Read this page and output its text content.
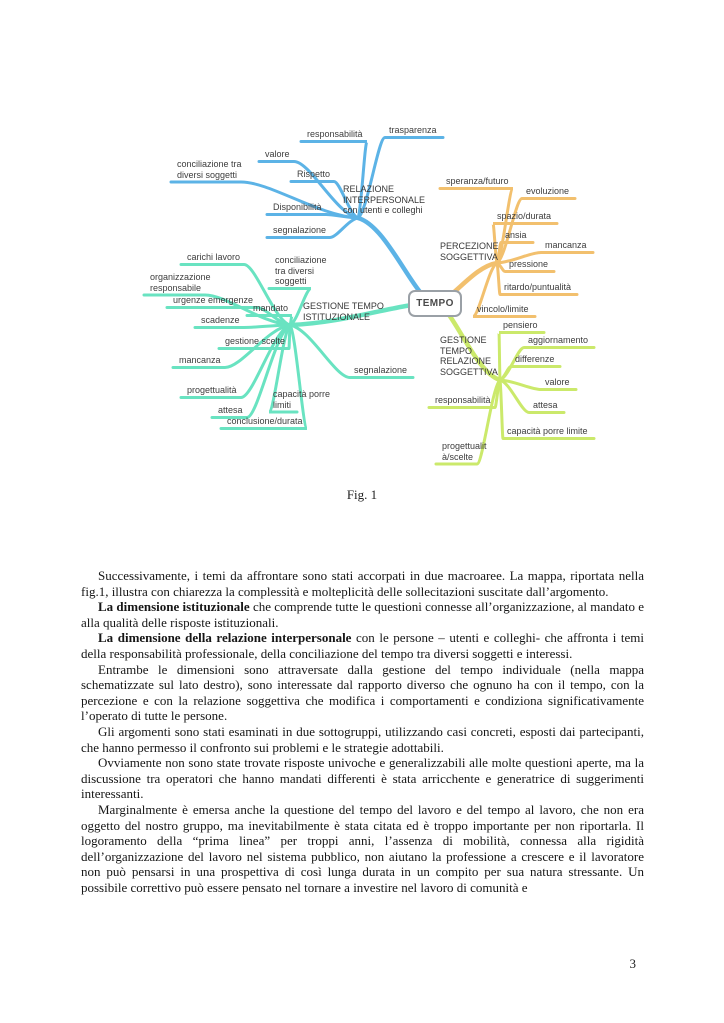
RELAZIONE
INTERPERSONALE
con utenti e colleghi
responsabilità	trasparenza
valore
conciliazione tra
diversi soggetti	Rispetto
Disponibilità
segnalazione
PERCEZIONE
SOGGETTIVA
speranza/futuro
evoluzione
spazio/durata
ansia
mancanza
pressione
ritardo/puntualità
vincolo/limite
GESTIONE TEMPO
ISTITUZIONALE
carichi lavoro	conciliazione
tra diversi
soggetti
organizzazione
responsabile
urgenze emergenze
mandato
scadenze
gestione scelte
mancanza
segnalazione
progettualità	capacità porre
limiti
attesa
conclusione/durata
GESTIONE
TEMPO
RELAZIONE
SOGGETTIVA
pensiero
aggiornamento
differenze
valore
responsabilità	attesa
capacità porre limite
progettualit
à/scelte
TEMPO
Fig. 1

Successivamente, i temi da affrontare sono stati accorpati in due macroaree. La mappa, riportata nella fig.1, illustra con chiarezza la complessità e molteplicità delle sollecitazioni suscitate dall’argomento.

La dimensione istituzionale che comprende tutte le questioni connesse all’organizzazione, al mandato e alla qualità delle risposte istituzionali.

La dimensione della relazione interpersonale con le persone – utenti e colleghi- che affronta i temi della responsabilità professionale, della conciliazione del tempo tra diversi soggetti e interessi.

Entrambe le dimensioni sono attraversate dalla gestione del tempo individuale (nella mappa schematizzate sul lato destro), sono interessate dal rapporto diverso che ognuno ha con il tempo, con la percezione e con la relazione soggettiva che modifica i comportamenti e condiziona significativamente l’operato di tutte le persone.

Gli argomenti sono stati esaminati in due sottogruppi, utilizzando casi concreti, esposti dai partecipanti, che hanno permesso il confronto sui problemi e le strategie adottabili.

Ovviamente non sono state trovate risposte univoche e generalizzabili alle molte questioni aperte, ma la discussione tra operatori che hanno mandati differenti è stata arricchente e generatrice di suggerimenti interessanti.

Marginalmente è emersa anche la questione del tempo del lavoro e del tempo al lavoro, che non era oggetto del nostro gruppo, ma inevitabilmente è stata citata ed è troppo importante per non riportarla. Il logoramento della “prima linea” per troppi anni, l’assenza di mobilità, connessa alla rigidità dell’organizzazione del lavoro nel sistema pubblico, non aiutano la professione a crescere e il lavoratore non può pensarsi in una prospettiva di così lunga durata in un compito per sua natura stressante. Un possibile correttivo può essere pensato nel tornare a investire nel lavoro di comunità e

3
